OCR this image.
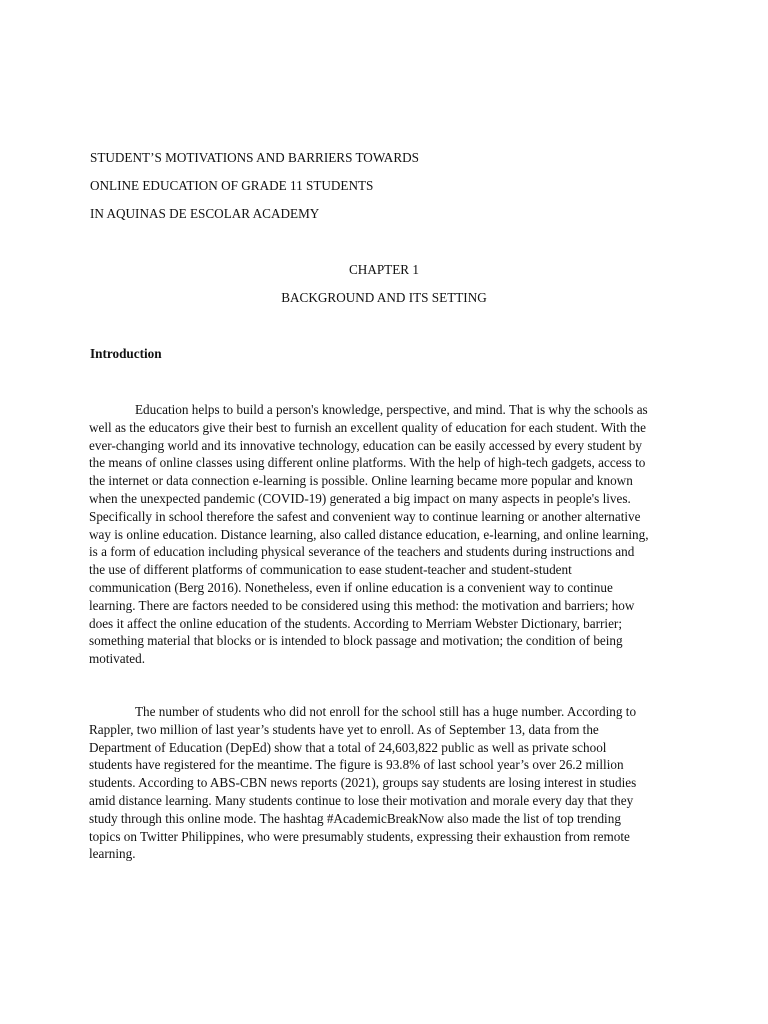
STUDENT’S MOTIVATIONS AND BARRIERS TOWARDS
ONLINE EDUCATION OF GRADE 11 STUDENTS
IN AQUINAS DE ESCOLAR ACADEMY
CHAPTER 1
BACKGROUND AND ITS SETTING
Introduction
Education helps to build a person's knowledge, perspective, and mind. That is why the schools as
well as the educators give their best to furnish an excellent quality of education for each student. With the
ever-changing world and its innovative technology, education can be easily accessed by every student by
the means of online classes using different online platforms. With the help of high-tech gadgets, access to
the internet or data connection e-learning is possible. Online learning became more popular and known
when the unexpected pandemic (COVID-19) generated a big impact on many aspects in people's lives.
Specifically in school therefore the safest and convenient way to continue learning or another alternative
way is online education. Distance learning, also called distance education, e-learning, and online learning,
is a form of education including physical severance of the teachers and students during instructions and
the use of different platforms of communication to ease student-teacher and student-student
communication (Berg 2016). Nonetheless, even if online education is a convenient way to continue
learning. There are factors needed to be considered using this method: the motivation and barriers; how
does it affect the online education of the students. According to Merriam Webster Dictionary, barrier;
something material that blocks or is intended to block passage and motivation; the condition of being
motivated.
The number of students who did not enroll for the school still has a huge number. According to
Rappler, two million of last year’s students have yet to enroll. As of September 13, data from the
Department of Education (DepEd) show that a total of 24,603,822 public as well as private school
students have registered for the meantime. The figure is 93.8% of last school year’s over 26.2 million
students. According to ABS-CBN news reports (2021), groups say students are losing interest in studies
amid distance learning. Many students continue to lose their motivation and morale every day that they
study through this online mode. The hashtag #AcademicBreakNow also made the list of top trending
topics on Twitter Philippines, who were presumably students, expressing their exhaustion from remote
learning.
